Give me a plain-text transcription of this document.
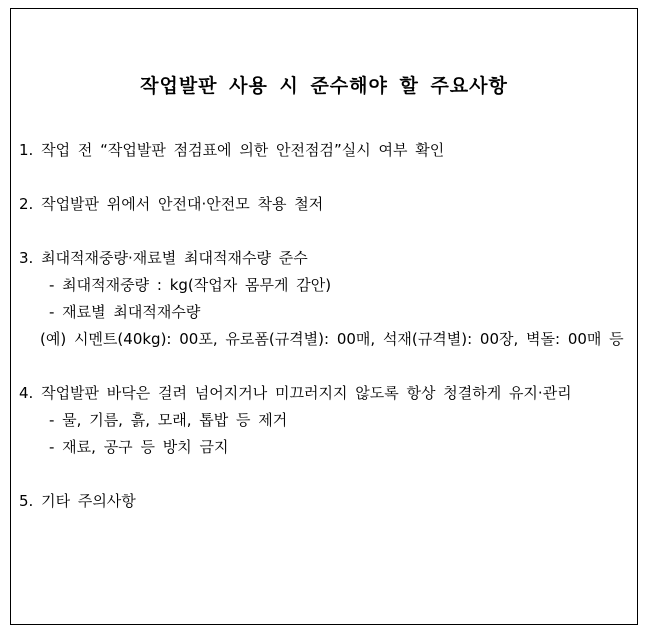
작업발판 사용 시 준수해야 할 주요사항
1. 작업 전 “작업발판 점검표에 의한 안전점검”실시 여부 확인
2. 작업발판 위에서 안전대·안전모 착용 철저
3. 최대적재중량·재료별 최대적재수량 준수
- 최대적재중량 : kg(작업자 몸무게 감안)
- 재료별 최대적재수량
(예) 시멘트(40kg): 00포, 유로폼(규격별): 00매, 석재(규격별): 00장, 벽돌: 00매 등
4. 작업발판 바닥은 걸려 넘어지거나 미끄러지지 않도록 항상 청결하게 유지·관리
- 물, 기름, 흙, 모래, 톱밥 등 제거
- 재료, 공구 등 방치 금지
5. 기타 주의사항
